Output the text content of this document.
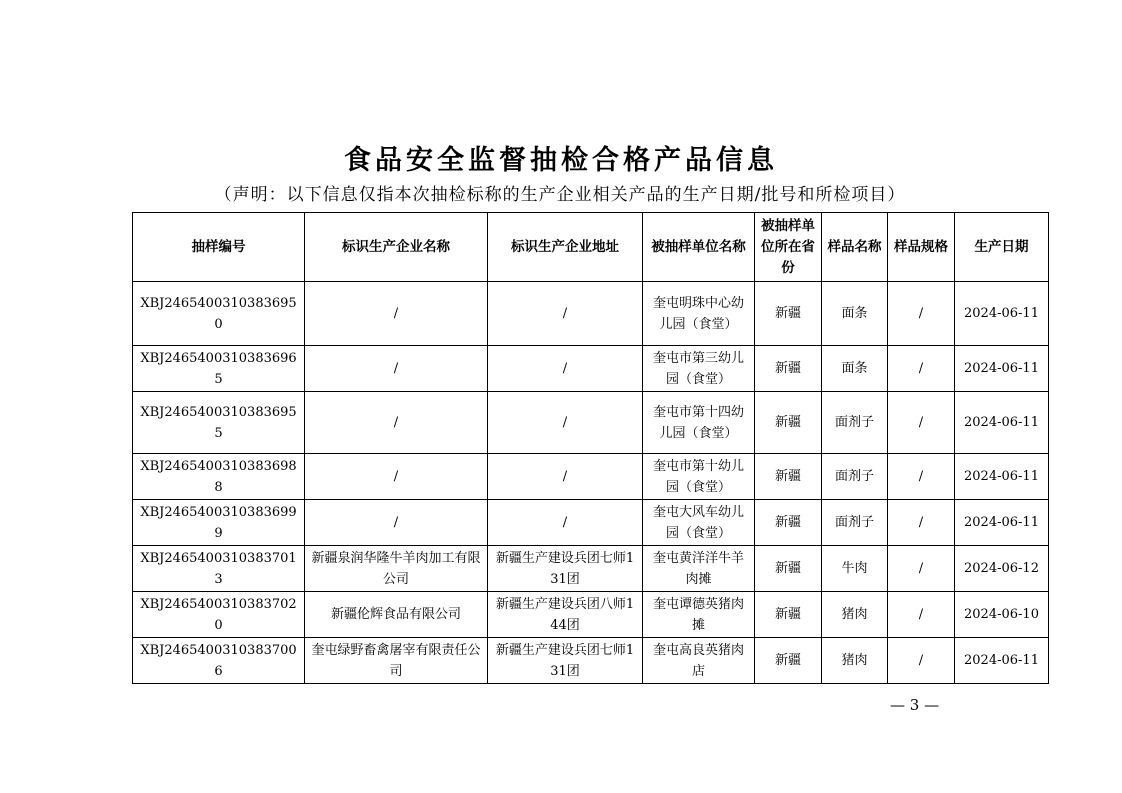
食品安全监督抽检合格产品信息
（声明：以下信息仅指本次抽检标称的生产企业相关产品的生产日期/批号和所检项目）
抽样编号	标识生产企业名称	标识生产企业地址	被抽样单位名称	被抽样单位所在省份	样品名称	样品规格	生产日期
XBJ24654003103836950	/	/	奎屯明珠中心幼儿园（食堂）	新疆	面条	/	2024-06-11
XBJ24654003103836965	/	/	奎屯市第三幼儿园（食堂）	新疆	面条	/	2024-06-11
XBJ24654003103836955	/	/	奎屯市第十四幼儿园（食堂）	新疆	面剂子	/	2024-06-11
XBJ24654003103836988	/	/	奎屯市第十幼儿园（食堂）	新疆	面剂子	/	2024-06-11
XBJ24654003103836999	/	/	奎屯大风车幼儿园（食堂）	新疆	面剂子	/	2024-06-11
XBJ24654003103837013	新疆泉润华隆牛羊肉加工有限公司	新疆生产建设兵团七师131团	奎屯黄洋洋牛羊肉摊	新疆	牛肉	/	2024-06-12
XBJ24654003103837020	新疆伦辉食品有限公司	新疆生产建设兵团八师144团	奎屯谭德英猪肉摊	新疆	猪肉	/	2024-06-10
XBJ24654003103837006	奎屯绿野畜禽屠宰有限责任公司	新疆生产建设兵团七师131团	奎屯高良英猪肉店	新疆	猪肉	/	2024-06-11
— 3 —
